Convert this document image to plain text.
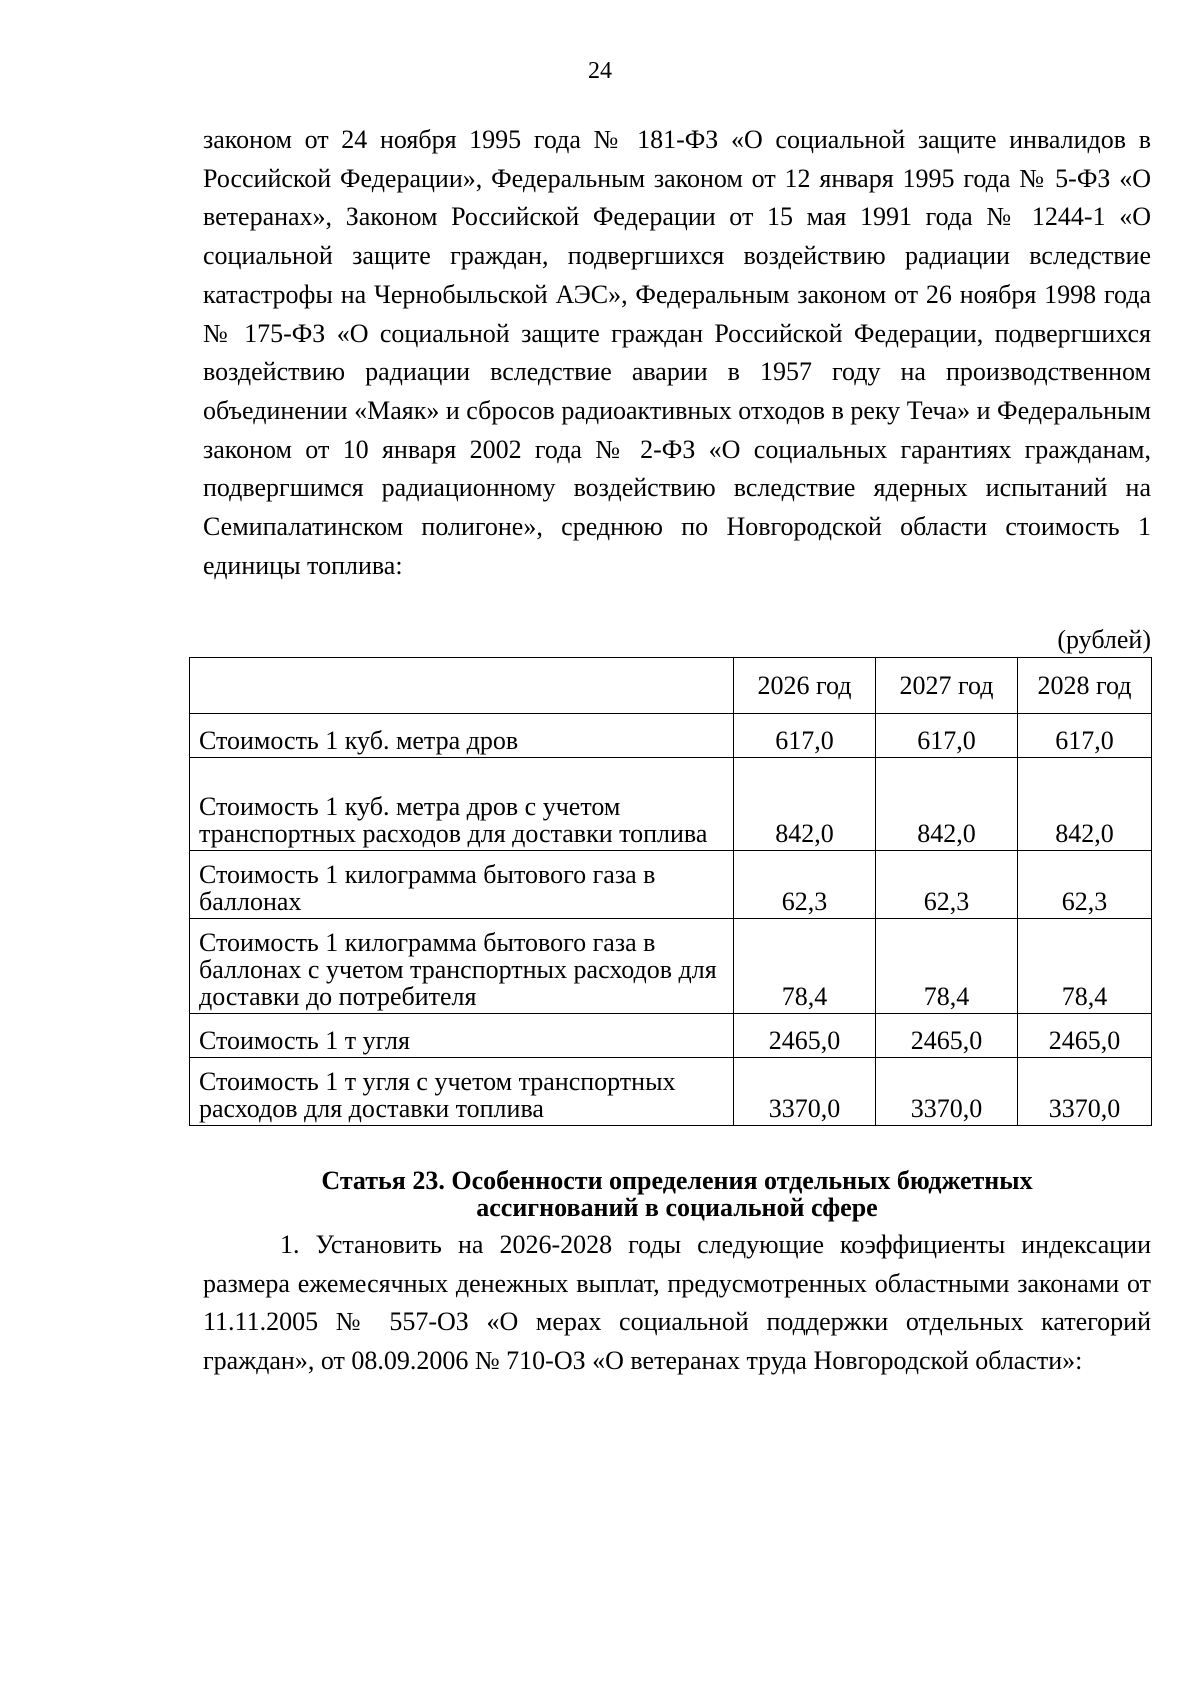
24

законом от 24 ноября 1995 года № 181-ФЗ «О социальной защите инвалидов в Российской Федерации», Федеральным законом от 12 января 1995 года № 5-ФЗ «О ветеранах», Законом Российской Федерации от 15 мая 1991 года № 1244-1 «О социальной защите граждан, подвергшихся воздействию радиации вследствие катастрофы на Чернобыльской АЭС», Федеральным законом от 26 ноября 1998 года № 175-ФЗ «О социальной защите граждан Российской Федерации, подвергшихся воздействию радиации вследствие аварии в 1957 году на производственном объединении «Маяк» и сбросов радиоактивных отходов в реку Теча» и Федеральным законом от 10 января 2002 года № 2-ФЗ «О социальных гарантиях гражданам, подвергшимся радиационному воздействию вследствие ядерных испытаний на Семипалатинском полигоне», среднюю по Новгородской области стоимость 1 единицы топлива:

(рублей)
	2026 год	2027 год	2028 год
Стоимость 1 куб. метра дров	617,0	617,0	617,0
Стоимость 1 куб. метра дров с учетом транспортных расходов для доставки топлива	842,0	842,0	842,0
Стоимость 1 килограмма бытового газа в баллонах	62,3	62,3	62,3
Стоимость 1 килограмма бытового газа в баллонах с учетом транспортных расходов для доставки до потребителя	78,4	78,4	78,4
Стоимость 1 т угля	2465,0	2465,0	2465,0
Стоимость 1 т угля с учетом транспортных расходов для доставки топлива	3370,0	3370,0	3370,0
Статья 23. Особенности определения отдельных бюджетных
ассигнований в социальной сфере

1. Установить на 2026-2028 годы следующие коэффициенты индексации размера ежемесячных денежных выплат, предусмотренных областными законами от 11.11.2005 № 557-ОЗ «О мерах социальной поддержки отдельных категорий граждан», от 08.09.2006 № 710-ОЗ «О ветеранах труда Новгородской области»:
